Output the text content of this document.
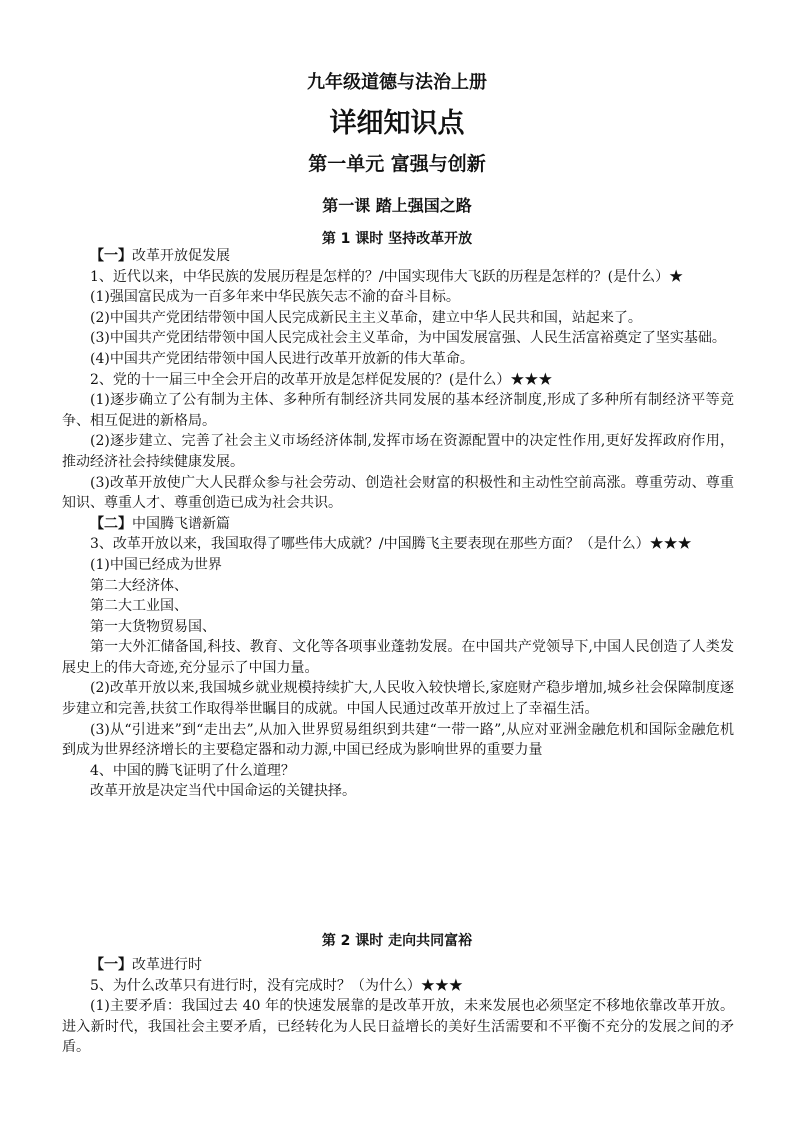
九年级道德与法治上册
详细知识点
第一单元 富强与创新
第一课 踏上强国之路
第 1 课时 坚持改革开放

【一】改革开放促发展

1、近代以来，中华民族的发展历程是怎样的？/中国实现伟大飞跃的历程是怎样的？(是什么）★

(1)强国富民成为一百多年来中华民族矢志不渝的奋斗目标。

(2)中国共产党团结带领中国人民完成新民主主义革命，建立中华人民共和国，站起来了。

(3)中国共产党团结带领中国人民完成社会主义革命，为中国发展富强、人民生活富裕奠定了坚实基础。

(4)中国共产党团结带领中国人民进行改革开放新的伟大革命。

2、党的十一届三中全会开启的改革开放是怎样促发展的？(是什么）★★★

(1)逐步确立了公有制为主体、多种所有制经济共同发展的基本经济制度,形成了多种所有制经济平等竞争、相互促进的新格局。

(2)逐步建立、完善了社会主义市场经济体制,发挥市场在资源配置中的决定性作用,更好发挥政府作用，推动经济社会持续健康发展。

(3)改革开放使广大人民群众参与社会劳动、创造社会财富的积极性和主动性空前高涨。尊重劳动、尊重知识、尊重人才、尊重创造已成为社会共识。

【二】中国腾飞谱新篇

3、改革开放以来，我国取得了哪些伟大成就？/中国腾飞主要表现在那些方面？（是什么）★★★

(1)中国已经成为世界

第二大经济体、

第二大工业国、

第一大货物贸易国、

第一大外汇储备国,科技、教育、文化等各项事业蓬勃发展。在中国共产党领导下,中国人民创造了人类发展史上的伟大奇迹,充分显示了中国力量。

(2)改革开放以来,我国城乡就业规模持续扩大,人民收入较快增长,家庭财产稳步增加,城乡社会保障制度逐步建立和完善,扶贫工作取得举世瞩目的成就。中国人民通过改革开放过上了幸福生活。

(3)从“引进来”到“走出去”,从加入世界贸易组织到共建“一带一路”,从应对亚洲金融危机和国际金融危机到成为世界经济增长的主要稳定器和动力源,中国已经成为影响世界的重要力量

4、中国的腾飞证明了什么道理？

改革开放是决定当代中国命运的关键抉择。

第 2 课时 走向共同富裕

【一】改革进行时

5、为什么改革只有进行时，没有完成时？（为什么）★★★

(1)主要矛盾：我国过去 40 年的快速发展靠的是改革开放，未来发展也必须坚定不移地依靠改革开放。进入新时代，我国社会主要矛盾，已经转化为人民日益增长的美好生活需要和不平衡不充分的发展之间的矛盾。
